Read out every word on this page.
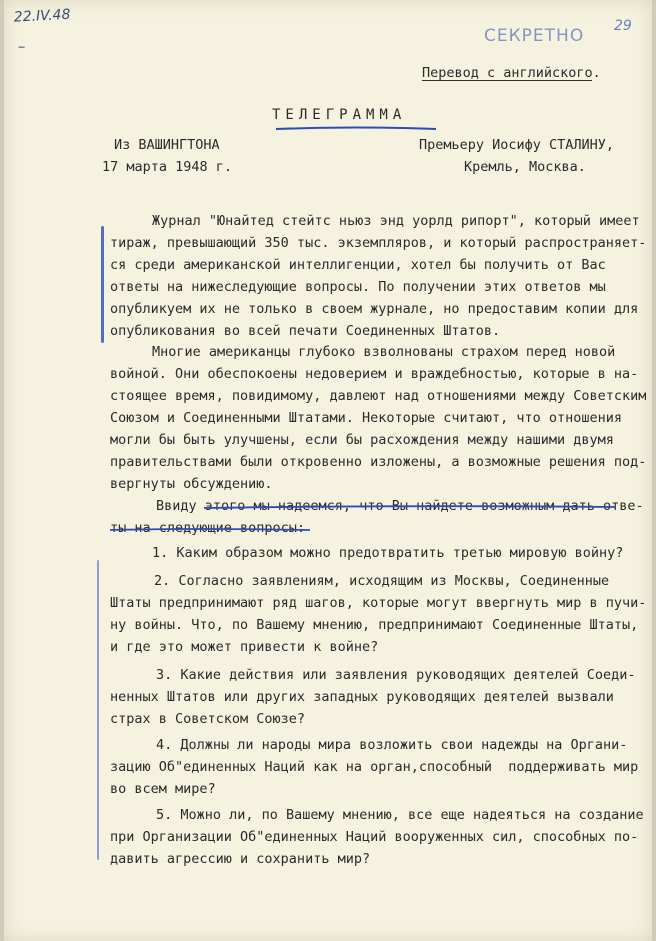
22.IV.48
−
СЕКРЕТНО	29
Перевод с английского.
ТЕЛЕГРАММА
Из ВАШИНГТОНА
17 марта 1948 г.
Премьеру Иосифу СТАЛИНУ,
Кремль, Москва.
Журнал "Юнайтед стейтс ньюз энд уорлд рипорт", который имеет
тираж, превышающий 350 тыс. экземпляров, и который распространяет-
ся среди американской интеллигенции, хотел бы получить от Вас
ответы на нижеследующие вопросы. По получении этих ответов мы
опубликуем их не только в своем журнале, но предоставим копии для
опубликования во всей печати Соединенных Штатов.
Многие американцы глубоко взволнованы страхом перед новой
войной. Они обеспокоены недоверием и враждебностью, которые в на-
стоящее время, повидимому, давлеют над отношениями между Советским
Союзом и Соединенными Штатами. Некоторые считают, что отношения
могли бы быть улучшены, если бы расхождения между нашими двумя
правительствами были откровенно изложены, а возможные решения под-
вергнуты обсуждению.
Ввиду этого мы надеемся, что Вы найдете возможным дать отве-
ты на следующие вопросы:
1. Каким образом можно предотвратить третью мировую войну?
2. Согласно заявлениям, исходящим из Москвы, Соединенные
Штаты предпринимают ряд шагов, которые могут ввергнуть мир в пучи-
ну войны. Что, по Вашему мнению, предпринимают Соединенные Штаты,
и где это может привести к войне?
3. Какие действия или заявления руководящих деятелей Соеди-
ненных Штатов или других западных руководящих деятелей вызвали
страх в Советском Союзе?
4. Должны ли народы мира возложить свои надежды на Органи-
зацию Об"единенных Наций как на орган,способный  поддерживать мир
во всем мире?
5. Можно ли, по Вашему мнению, все еще надеяться на создание
при Организации Об"единенных Наций вооруженных сил, способных по-
давить агрессию и сохранить мир?
